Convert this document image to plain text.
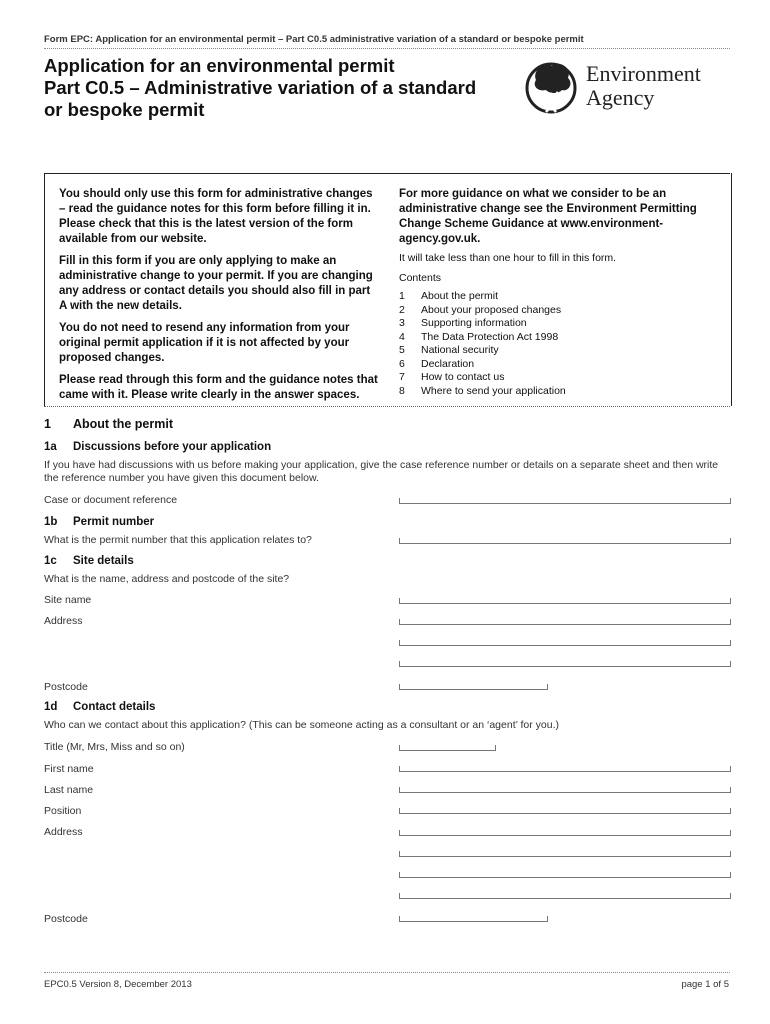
Form EPC: Application for an environmental permit – Part C0.5 administrative variation of a standard or bespoke permit
Application for an environmental permit
Part C0.5 – Administrative variation of a standard
or bespoke permit
Environment
Agency

You should only use this form for administrative changes – read the guidance notes for this form before filling it in. Please check that this is the latest version of the form available from our website.

Fill in this form if you are only applying to make an administrative change to your permit. If you are changing any address or contact details you should also fill in part A with the new details.

You do not need to resend any information from your original permit application if it is not affected by your proposed changes.

Please read through this form and the guidance notes that came with it. Please write clearly in the answer spaces.

For more guidance on what we consider to be an administrative change see the Environment Permitting Change Scheme Guidance at www.environment-agency.gov.uk.

It will take less than one hour to fill in this form.

Contents

1	About the permit
2	About your proposed changes
3	Supporting information
4	The Data Protection Act 1998
5	National security
6	Declaration
7	How to contact us
8	Where to send your application
1 About the permit
1a Discussions before your application
If you have had discussions with us before making your application, give the case reference number or details on a separate sheet and then write the reference number you have given this document below.
Case or document reference
1b Permit number
What is the permit number that this application relates to?
1c Site details
What is the name, address and postcode of the site?
Site name
Address
Postcode
1d Contact details
Who can we contact about this application? (This can be someone acting as a consultant or an ‘agent’ for you.)
Title (Mr, Mrs, Miss and so on)
First name
Last name
Position
Address
Postcode
EPC0.5 Version 8, December 2013	page 1 of 5
